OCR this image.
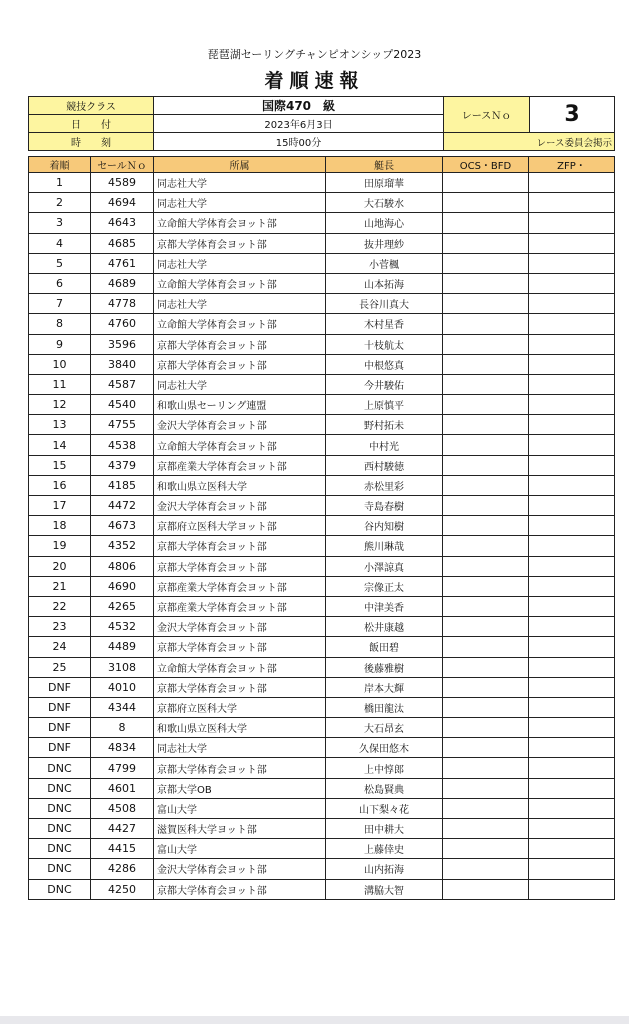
琵琶湖セーリングチャンピオンシップ2023
着順速報
競技クラス	国際470　級	レースＮｏ	3
日　　付	2023年6月3日		
時　　刻	15時00分	レース委員会掲示	
着順	セールＮｏ	所属	艇長	OCS・BFD	ZFP・
1	4589	同志社大学	田原瑠華		
2	4694	同志社大学	大石駿水		
3	4643	立命館大学体育会ヨット部	山地海心		
4	4685	京都大学体育会ヨット部	抜井理紗		
5	4761	同志社大学	小菅楓		
6	4689	立命館大学体育会ヨット部	山本拓海		
7	4778	同志社大学	長谷川真大		
8	4760	立命館大学体育会ヨット部	木村星香		
9	3596	京都大学体育会ヨット部	十枝航太		
10	3840	京都大学体育会ヨット部	中根悠真		
11	4587	同志社大学	今井駿佑		
12	4540	和歌山県セーリング連盟	上原慎平		
13	4755	金沢大学体育会ヨット部	野村拓未		
14	4538	立命館大学体育会ヨット部	中村光		
15	4379	京都産業大学体育会ヨット部	西村駿徳		
16	4185	和歌山県立医科大学	赤松里彩		
17	4472	金沢大学体育会ヨット部	寺島春樹		
18	4673	京都府立医科大学ヨット部	谷内知樹		
19	4352	京都大学体育会ヨット部	熊川琳哉		
20	4806	京都大学体育会ヨット部	小澤諒真		
21	4690	京都産業大学体育会ヨット部	宗像正太		
22	4265	京都産業大学体育会ヨット部	中津美香		
23	4532	金沢大学体育会ヨット部	松井康越		
24	4489	京都大学体育会ヨット部	飯田碧		
25	3108	立命館大学体育会ヨット部	後藤雅樹		
DNF	4010	京都大学体育会ヨット部	岸本大輝		
DNF	4344	京都府立医科大学	橋田龍汰		
DNF	8	和歌山県立医科大学	大石昂玄		
DNF	4834	同志社大学	久保田悠木		
DNC	4799	京都大学体育会ヨット部	上中惇郎		
DNC	4601	京都大学OB	松島賢典		
DNC	4508	富山大学	山下梨々花		
DNC	4427	滋賀医科大学ヨット部	田中耕大		
DNC	4415	富山大学	上藤倖史		
DNC	4286	金沢大学体育会ヨット部	山内拓海		
DNC	4250	京都大学体育会ヨット部	溝脇大智		
